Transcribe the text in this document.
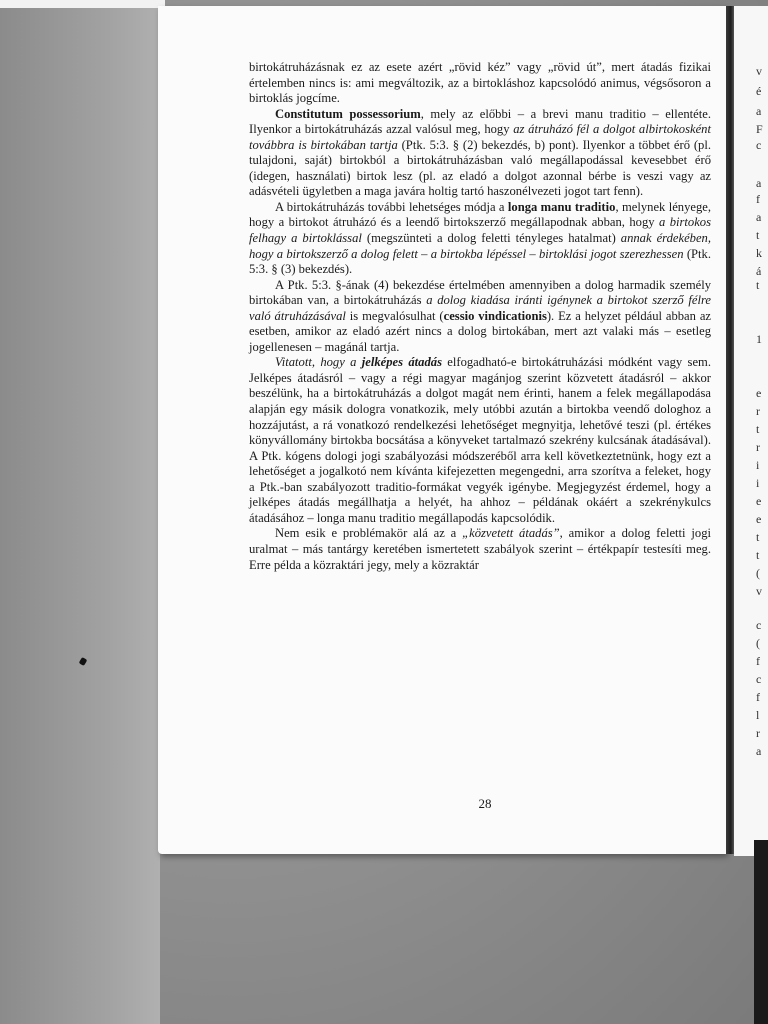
v
é
a
F
c
a
f
a
t
k
á
t
1
e
r
t
r
i
i
e
e
t
t
(
v
c
(
f
c
f
l
r
a

birtokátruházásnak ez az esete azért „rövid kéz” vagy „rövid út”, mert átadás fizikai értelemben nincs is: ami megváltozik, az a birtokláshoz kapcsolódó animus, végsősoron a birtoklás jogcíme.

Constitutum possessorium, mely az előbbi – a brevi manu traditio – ellentéte. Ilyenkor a birtokátruházás azzal valósul meg, hogy az átruházó fél a dolgot albirtokosként továbbra is birtokában tartja (Ptk. 5:3. § (2) bekezdés, b) pont). Ilyenkor a többet érő (pl. tulajdoni, saját) birtokból a birtokátruházásban való megállapodással kevesebbet érő (idegen, használati) birtok lesz (pl. az eladó a dolgot azonnal bérbe is veszi vagy az adásvételi ügyletben a maga javára holtig tartó haszonélvezeti jogot tart fenn).

A birtokátruházás további lehetséges módja a longa manu traditio, melynek lényege, hogy a birtokot átruházó és a leendő birtokszerző megállapodnak abban, hogy a birtokos felhagy a birtoklással (megszünteti a dolog feletti tényleges hatalmat) annak érdekében, hogy a birtokszerző a dolog felett – a birtokba lépéssel – birtoklási jogot szerezhessen (Ptk. 5:3. § (3) bekezdés).

A Ptk. 5:3. §-ának (4) bekezdése értelmében amennyiben a dolog harmadik személy birtokában van, a birtokátruházás a dolog kiadása iránti igénynek a birtokot szerző félre való átruházásával is megvalósulhat (cessio vindicationis). Ez a helyzet például abban az esetben, amikor az eladó azért nincs a dolog birtokában, mert azt valaki más – esetleg jogellenesen – magánál tartja.

Vitatott, hogy a jelképes átadás elfogadható-e birtokátruházási módként vagy sem. Jelképes átadásról – vagy a régi magyar magánjog szerint közvetett átadásról – akkor beszélünk, ha a birtokátruházás a dolgot magát nem érinti, hanem a felek megállapodása alapján egy másik dologra vonatkozik, mely utóbbi azután a birtokba veendő dologhoz a hozzájutást, a rá vonatkozó rendelkezési lehetőséget megnyitja, lehetővé teszi (pl. értékes könyvállomány birtokba bocsátása a könyveket tartalmazó szekrény kulcsának átadásával). A Ptk. kógens dologi jogi szabályozási módszeréből arra kell következtetnünk, hogy ezt a lehetőséget a jogalkotó nem kívánta kifejezetten megengedni, arra szorítva a feleket, hogy a Ptk.-ban szabályozott traditio-formákat vegyék igénybe. Megjegyzést érdemel, hogy a jelképes átadás megállhatja a helyét, ha ahhoz – példának okáért a szekrénykulcs átadásához – longa manu traditio megállapodás kapcsolódik.

Nem esik e problémakör alá az a „közvetett átadás”, amikor a dolog feletti jogi uralmat – más tantárgy keretében ismertetett szabályok szerint – értékpapír testesíti meg. Erre példa a közraktári jegy, mely a közraktár

28
